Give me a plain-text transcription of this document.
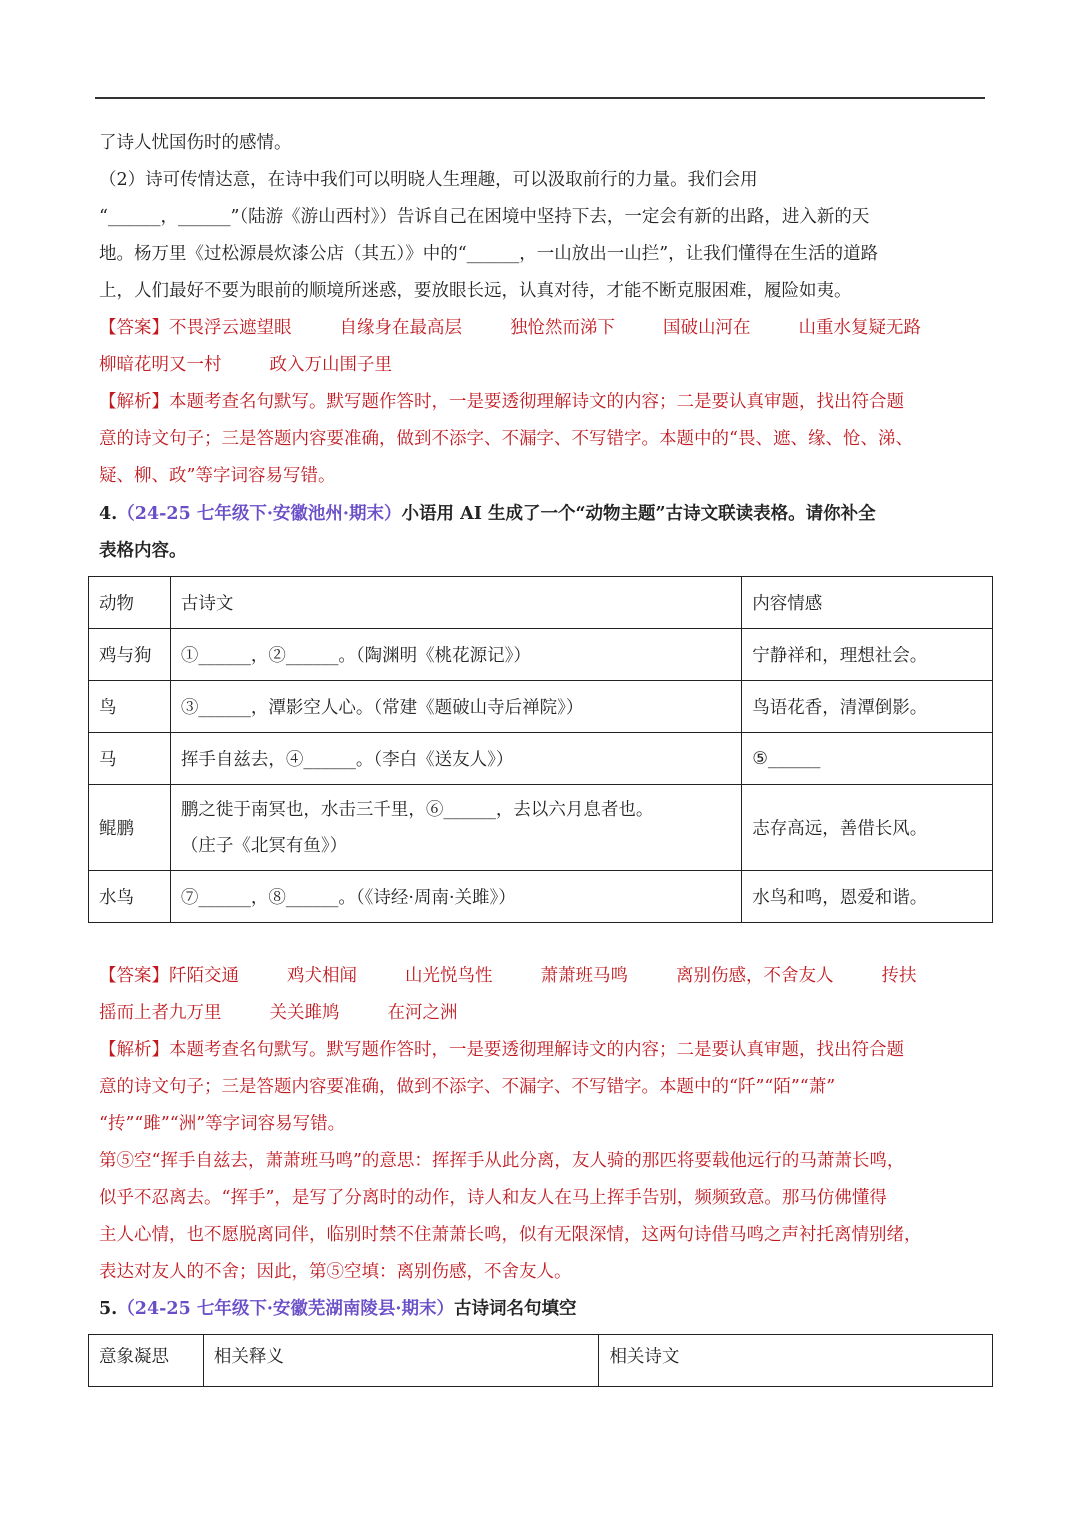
了诗人忧国伤时的感情。
（2）诗可传情达意，在诗中我们可以明晓人生理趣，可以汲取前行的力量。我们会用
“______，______”（陆游《游山西村》）告诉自己在困境中坚持下去，一定会有新的出路，进入新的天
地。杨万里《过松源晨炊漆公店（其五）》中的“______，一山放出一山拦”，让我们懂得在生活的道路
上，人们最好不要为眼前的顺境所迷惑，要放眼长远，认真对待，才能不断克服困难，履险如夷。
【答案】不畏浮云遮望眼	自缘身在最高层	独怆然而涕下	国破山河在	山重水复疑无路
柳暗花明又一村	政入万山围子里
【解析】本题考查名句默写。默写题作答时，一是要透彻理解诗文的内容；二是要认真审题，找出符合题
意的诗文句子；三是答题内容要准确，做到不添字、不漏字、不写错字。本题中的“畏、遮、缘、怆、涕、
疑、柳、政”等字词容易写错。
4.（24-25 七年级下·安徽池州·期末）小语用 AI 生成了一个“动物主题”古诗文联读表格。请你补全
表格内容。
动物	古诗文	内容情感
鸡与狗	①______，②______。（陶渊明《桃花源记》）	宁静祥和，理想社会。
鸟	③______，潭影空人心。（常建《题破山寺后禅院》）	鸟语花香，清潭倒影。
马	挥手自兹去，④______。（李白《送友人》）	⑤______
鲲鹏	鹏之徙于南冥也，水击三千里，⑥______，去以六月息者也。
（庄子《北冥有鱼》）	志存高远，善借长风。
水鸟	⑦______，⑧______。（《诗经·周南·关雎》）	水鸟和鸣，恩爱和谐。
【答案】阡陌交通	鸡犬相闻	山光悦鸟性	萧萧班马鸣	离别伤感，不舍友人	抟扶
摇而上者九万里	关关雎鸠	在河之洲
【解析】本题考查名句默写。默写题作答时，一是要透彻理解诗文的内容；二是要认真审题，找出符合题
意的诗文句子；三是答题内容要准确，做到不添字、不漏字、不写错字。本题中的“阡”“陌”“萧”
“抟”“雎”“洲”等字词容易写错。
第⑤空“挥手自兹去，萧萧班马鸣”的意思：挥挥手从此分离，友人骑的那匹将要载他远行的马萧萧长鸣，
似乎不忍离去。“挥手”，是写了分离时的动作，诗人和友人在马上挥手告别，频频致意。那马仿佛懂得
主人心情，也不愿脱离同伴，临别时禁不住萧萧长鸣，似有无限深情，这两句诗借马鸣之声衬托离情别绪，
表达对友人的不舍；因此，第⑤空填：离别伤感，不舍友人。
5.（24-25 七年级下·安徽芜湖南陵县·期末）古诗词名句填空
意象凝思	相关释义	相关诗文
